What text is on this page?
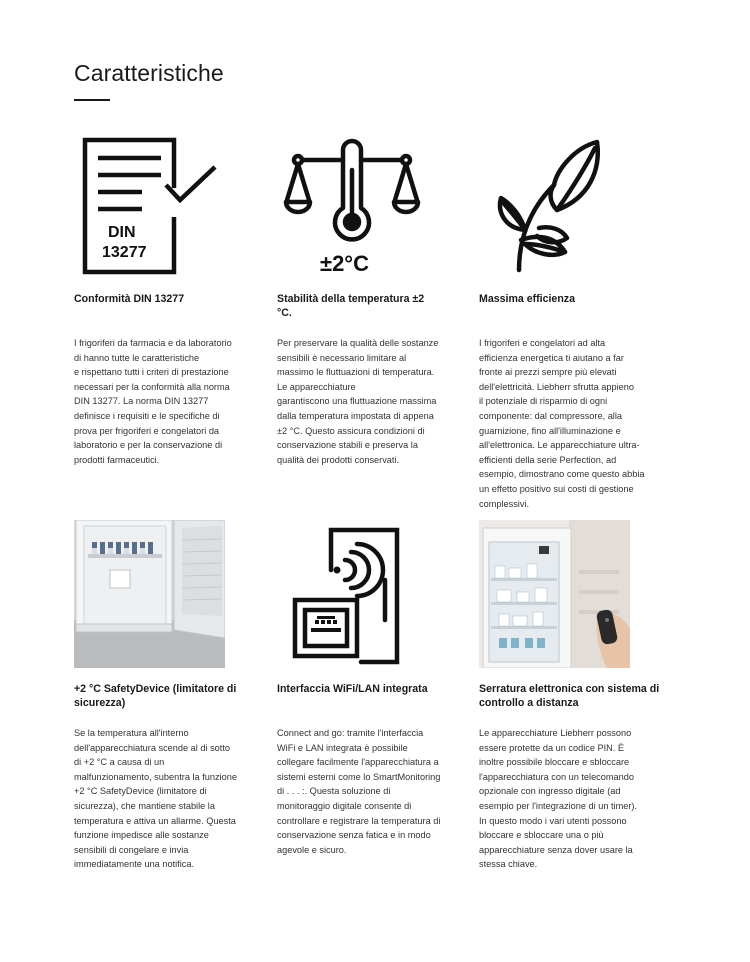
Caratteristiche
DIN
13277
Conformità DIN 13277

I frigoriferi da farmacia e da laboratorio
di hanno tutte le caratteristiche
e rispettano tutti i criteri di prestazione
necessari per la conformità alla norma
DIN 13277. La norma DIN 13277
definisce i requisiti e le specifiche di
prova per frigoriferi e congelatori da
laboratorio e per la conservazione di
prodotti farmaceutici.

±2°C
Stabilità della temperatura ±2 °C.

Per preservare la qualità delle sostanze
sensibili è necessario limitare al
massimo le fluttuazioni di temperatura.
Le apparecchiature
garantiscono una fluttuazione massima
dalla temperatura impostata di appena
±2 °C. Questo assicura condizioni di
conservazione stabili e preserva la
qualità dei prodotti conservati.

Massima efficienza

I frigoriferi e congelatori ad alta
efficienza energetica ti aiutano a far
fronte ai prezzi sempre più elevati
dell'elettricità. Liebherr sfrutta appieno
il potenziale di risparmio di ogni
componente: dal compressore, alla
guarnizione, fino all'illuminazione e
all'elettronica. Le apparecchiature ultra-
efficienti della serie Perfection, ad
esempio, dimostrano come questo abbia
un effetto positivo sui costi di gestione
complessivi.

+2 °C SafetyDevice (limitatore di sicurezza)

Se la temperatura all'interno
dell'apparecchiatura scende al di sotto
di +2 °C a causa di un
malfunzionamento, subentra la funzione
+2 °C SafetyDevice (limitatore di
sicurezza), che mantiene stabile la
temperatura e attiva un allarme. Questa
funzione impedisce alle sostanze
sensibili di congelare e invia
immediatamente una notifica.

Interfaccia WiFi/LAN integrata

Connect and go: tramite l'interfaccia
WiFi e LAN integrata è possibile
collegare facilmente l'apparecchiatura a
sistemi esterni come lo SmartMonitoring
di . . . :. Questa soluzione di
monitoraggio digitale consente di
controllare e registrare la temperatura di
conservazione senza fatica e in modo
agevole e sicuro.

Serratura elettronica con sistema di controllo a distanza

Le apparecchiature Liebherr possono
essere protette da un codice PIN. È
inoltre possibile bloccare e sbloccare
l'apparecchiatura con un telecomando
opzionale con ingresso digitale (ad
esempio per l'integrazione di un timer).
In questo modo i vari utenti possono
bloccare e sbloccare una o più
apparecchiature senza dover usare la
stessa chiave.
